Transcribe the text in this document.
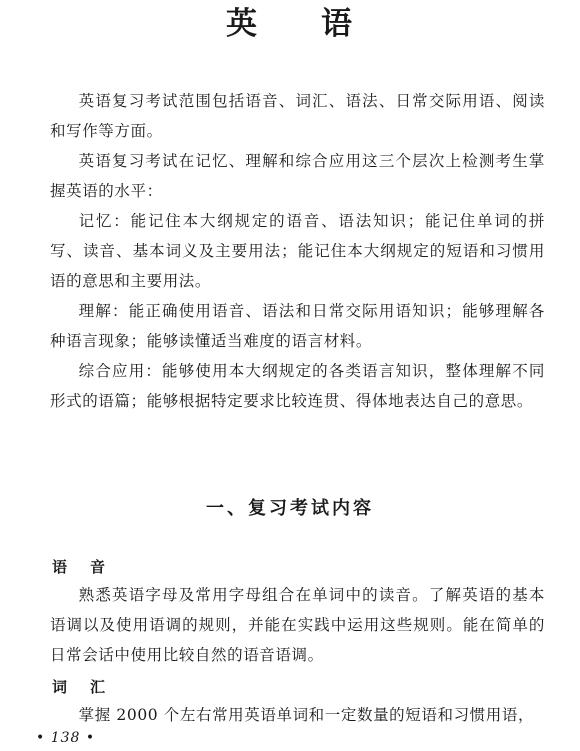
英 语

英语复习考试范围包括语音、词汇、语法、日常交际用语、阅读和写作等方面。

英语复习考试在记忆、理解和综合应用这三个层次上检测考生掌握英语的水平：

记忆：能记住本大纲规定的语音、语法知识；能记住单词的拼写、读音、基本词义及主要用法；能记住本大纲规定的短语和习惯用语的意思和主要用法。

理解：能正确使用语音、语法和日常交际用语知识；能够理解各种语言现象；能够读懂适当难度的语言材料。

综合应用：能够使用本大纲规定的各类语言知识，整体理解不同形式的语篇；能够根据特定要求比较连贯、得体地表达自己的意思。

一、复习考试内容
语　音

熟悉英语字母及常用字母组合在单词中的读音。了解英语的基本语调以及使用语调的规则，并能在实践中运用这些规则。能在简单的日常会话中使用比较自然的语音语调。

词　汇

掌握 2000 个左右常用英语单词和一定数量的短语和习惯用语，

• 138 •
